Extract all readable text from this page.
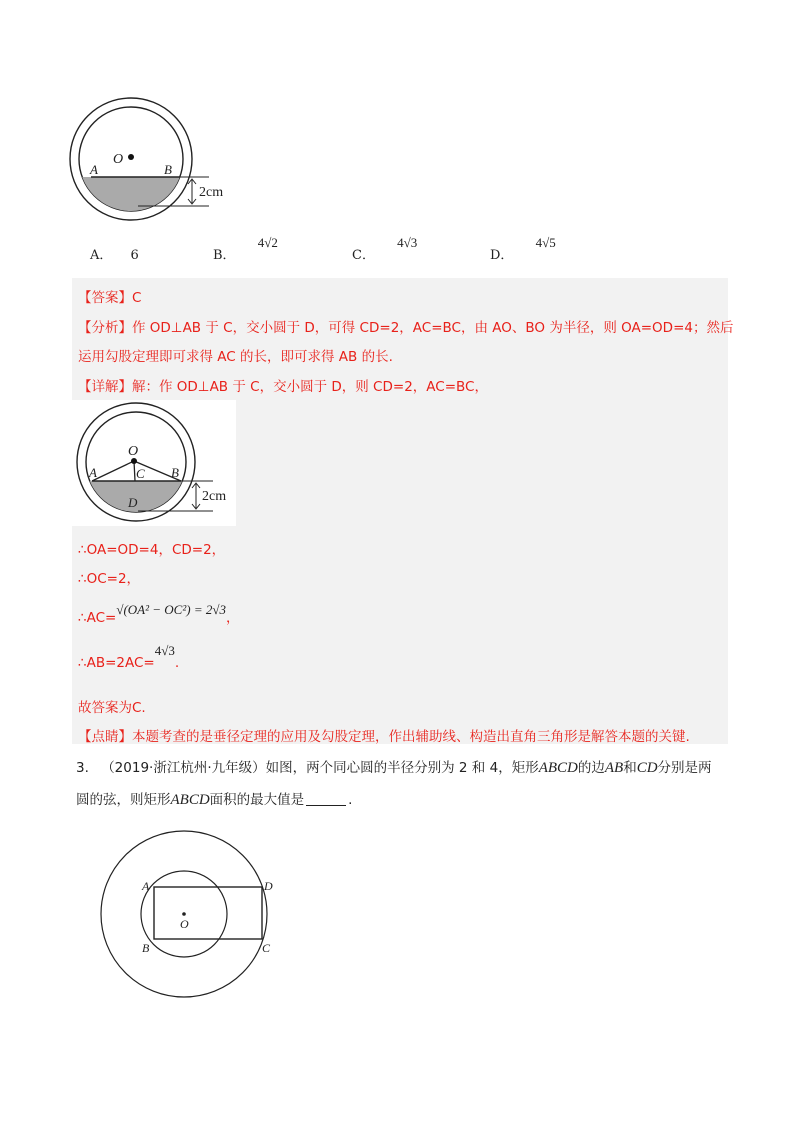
O
A	B
2cm
A． 6	B． 4√2
C． 4√3
D． 4√5
【答案】C
【分析】作 OD⊥AB 于 C，交小圆于 D，可得 CD=2，AC=BC，由 AO、BO 为半径，则 OA=OD=4；然后
运用勾股定理即可求得 AC 的长，即可求得 AB 的长.
【详解】解：作 OD⊥AB 于 C，交小圆于 D，则 CD=2，AC=BC，
O
A	B
C
D	2cm
∴OA=OD=4，CD=2，
∴OC=2，
∴AC=√(OA² − OC²) = 2√3，
∴AB=2AC=4√3.
故答案为C.
【点睛】本题考查的是垂径定理的应用及勾股定理，作出辅助线、构造出直角三角形是解答本题的关键.
3. （2019·浙江杭州·九年级）如图，两个同心圆的半径分别为 2 和 4，矩形ABCD的边AB和CD分别是两
圆的弦，则矩形ABCD面积的最大值是	.
A
B	C
D
O
